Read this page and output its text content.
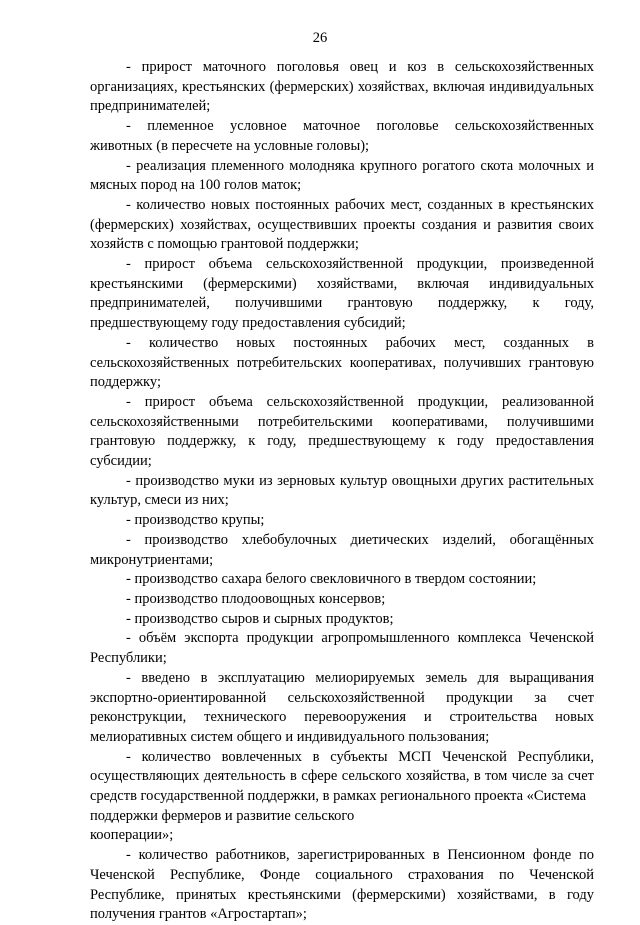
26

- прирост маточного поголовья овец и коз в сельскохозяйственных организациях, крестьянских (фермерских) хозяйствах, включая индивидуальных предпринимателей;

- племенное условное маточное поголовье сельскохозяйственных животных (в пересчете на условные головы);

- реализация племенного молодняка крупного рогатого скота молочных и мясных пород на 100 голов маток;

- количество новых постоянных рабочих мест, созданных в крестьянских (фермерских) хозяйствах, осуществивших проекты создания и развития своих хозяйств с помощью грантовой поддержки;

- прирост объема сельскохозяйственной продукции, произведенной крестьянскими (фермерскими) хозяйствами, включая индивидуальных предпринимателей, получившими грантовую поддержку, к году, предшествующему году предоставления субсидий;

- количество новых постоянных рабочих мест, созданных в сельскохозяйственных потребительских кооперативах, получивших грантовую поддержку;

- прирост объема сельскохозяйственной продукции, реализованной сельскохозяйственными потребительскими кооперативами, получившими грантовую поддержку, к году, предшествующему к году предоставления субсидии;

- производство муки из зерновых культур овощныхи других растительных культур, смеси из них;

- производство крупы;

- производство хлебобулочных диетических изделий, обогащённых микронутриентами;

- производство сахара белого свекловичного в твердом состоянии;

- производство плодоовощных консервов;

- производство сыров и сырных продуктов;

- объём экспорта продукции агропромышленного комплекса Чеченской Республики;

- введено в эксплуатацию мелиорируемых земель для выращивания экспортно-ориентированной сельскохозяйственной продукции за счет реконструкции, технического перевооружения и строительства новых мелиоративных систем общего и индивидуального пользования;

- количество вовлеченных в субъекты МСП Чеченской Республики, осуществляющих деятельность в сфере сельского хозяйства, в том числе за счет средств государственной поддержки, в рамках регионального проекта «Система

поддержки фермеров и развитие сельского

кооперации»;

- количество работников, зарегистрированных в Пенсионном фонде по Чеченской Республике, Фонде социального страхования по Чеченской Республике, принятых крестьянскими (фермерскими) хозяйствами, в году получения грантов «Агростартап»;
